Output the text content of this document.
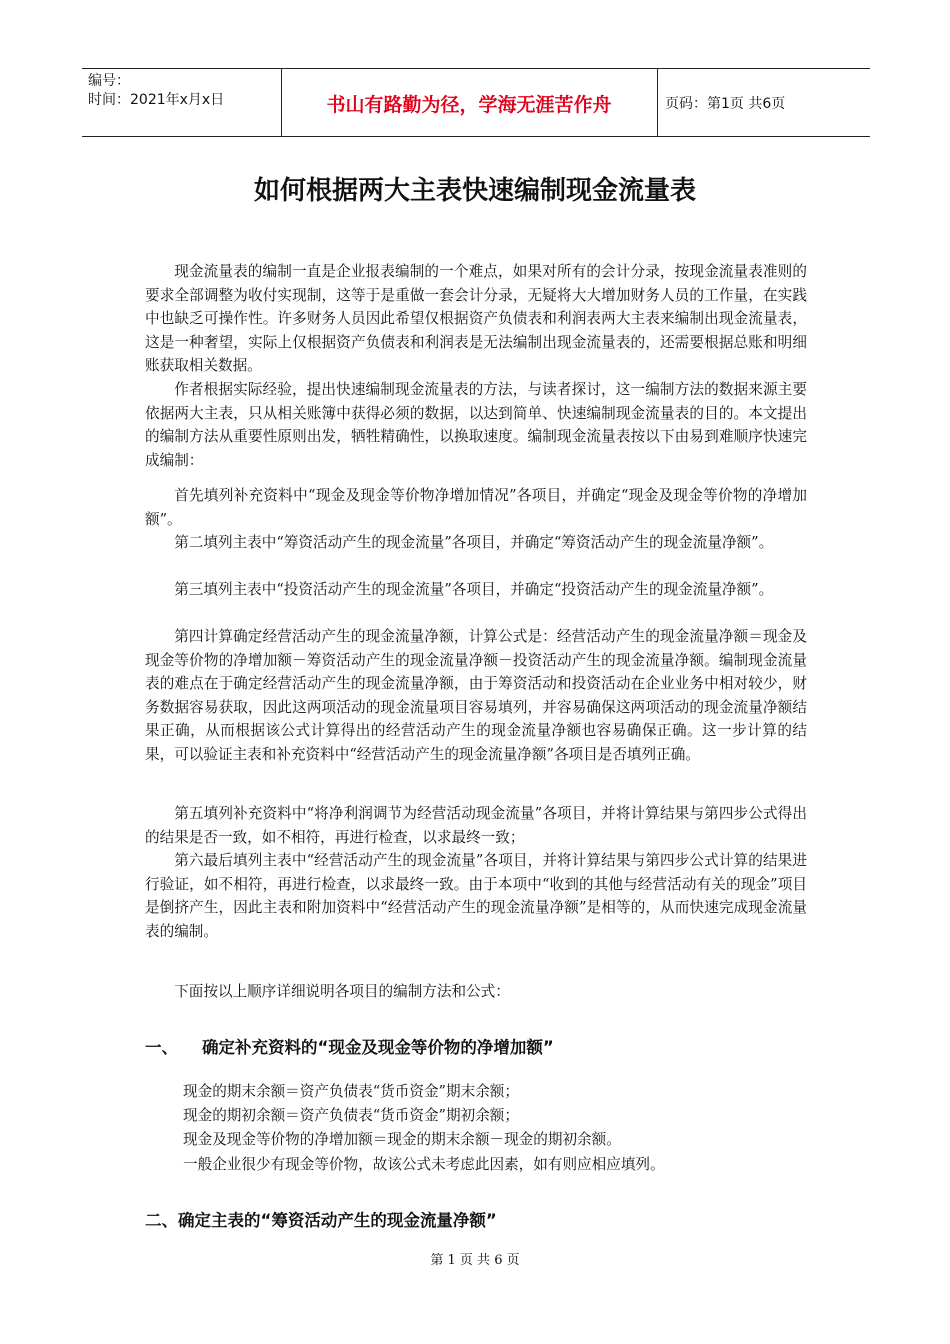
编号：
时间：2021年x月x日	书山有路勤为径，学海无涯苦作舟	页码：第1页 共6页
如何根据两大主表快速编制现金流量表

现金流量表的编制一直是企业报表编制的一个难点，如果对所有的会计分录，按现金流量表准则的要求全部调整为收付实现制，这等于是重做一套会计分录，无疑将大大增加财务人员的工作量，在实践中也缺乏可操作性。许多财务人员因此希望仅根据资产负债表和利润表两大主表来编制出现金流量表，这是一种奢望，实际上仅根据资产负债表和利润表是无法编制出现金流量表的，还需要根据总账和明细账获取相关数据。

作者根据实际经验，提出快速编制现金流量表的方法，与读者探讨，这一编制方法的数据来源主要依据两大主表，只从相关账簿中获得必须的数据，以达到简单、快速编制现金流量表的目的。本文提出的编制方法从重要性原则出发，牺牲精确性，以换取速度。编制现金流量表按以下由易到难顺序快速完成编制：

首先填列补充资料中“现金及现金等价物净增加情况”各项目，并确定“现金及现金等价物的净增加额”。

第二填列主表中“筹资活动产生的现金流量”各项目，并确定“筹资活动产生的现金流量净额”。

第三填列主表中“投资活动产生的现金流量”各项目，并确定“投资活动产生的现金流量净额”。

第四计算确定经营活动产生的现金流量净额，计算公式是：经营活动产生的现金流量净额＝现金及现金等价物的净增加额－筹资活动产生的现金流量净额－投资活动产生的现金流量净额。编制现金流量表的难点在于确定经营活动产生的现金流量净额，由于筹资活动和投资活动在企业业务中相对较少，财务数据容易获取，因此这两项活动的现金流量项目容易填列，并容易确保这两项活动的现金流量净额结果正确，从而根据该公式计算得出的经营活动产生的现金流量净额也容易确保正确。这一步计算的结果，可以验证主表和补充资料中“经营活动产生的现金流量净额”各项目是否填列正确。

第五填列补充资料中“将净利润调节为经营活动现金流量”各项目，并将计算结果与第四步公式得出的结果是否一致，如不相符，再进行检查，以求最终一致；

第六最后填列主表中“经营活动产生的现金流量”各项目，并将计算结果与第四步公式计算的结果进行验证，如不相符，再进行检查，以求最终一致。由于本项中“收到的其他与经营活动有关的现金”项目是倒挤产生，因此主表和附加资料中“经营活动产生的现金流量净额”是相等的，从而快速完成现金流量表的编制。

下面按以上顺序详细说明各项目的编制方法和公式：

一、 确定补充资料的“现金及现金等价物的净增加额”

现金的期末余额＝资产负债表“货币资金”期末余额；

现金的期初余额＝资产负债表“货币资金”期初余额；

现金及现金等价物的净增加额＝现金的期末余额－现金的期初余额。

一般企业很少有现金等价物，故该公式未考虑此因素，如有则应相应填列。

二、确定主表的“筹资活动产生的现金流量净额”
第 1 页 共 6 页
